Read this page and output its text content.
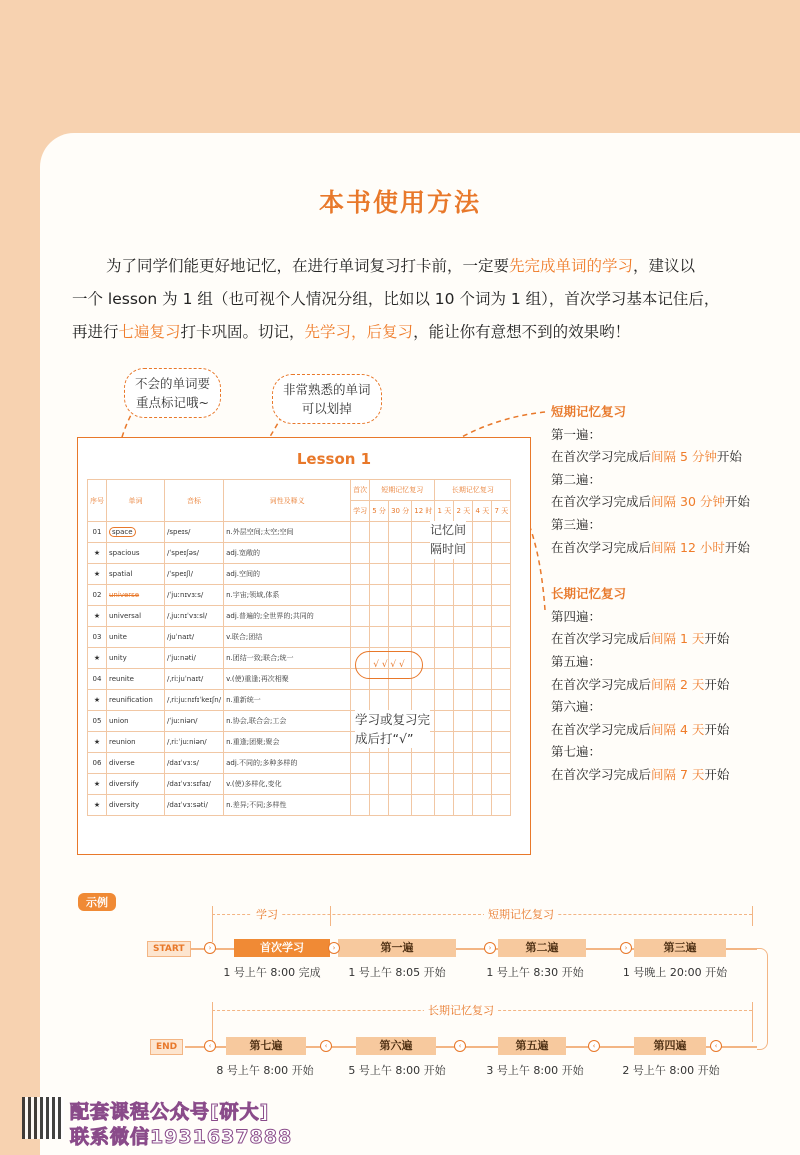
本书使用方法
为了同学们能更好地记忆，在进行单词复习打卡前，一定要先完成单词的学习，建议以
一个 lesson 为 1 组（也可视个人情况分组，比如以 10 个词为 1 组），首次学习基本记住后，
再进行七遍复习打卡巩固。切记，先学习，后复习，能让你有意想不到的效果哟！
不会的单词要
重点标记哦~
非常熟悉的单词
可以划掉
Lesson 1
序号	单词	音标	词性及释义	首次	短期记忆复习			长期记忆复习			
				学习	5 分	30 分	12 时	1 天	2 天	4 天	7 天
01	space	/speɪs/	n.外层空间;太空;空间								
★	spacious	/ˈspeɪʃəs/	adj.宽敞的								
★	spatial	/ˈspeɪʃl/	adj.空间的								
02	universe	/ˈjuːnɪvɜːs/	n.宇宙;领域,体系								
★	universal	/ˌjuːnɪˈvɜːsl/	adj.普遍的;全世界的;共同的								
03	unite	/juˈnaɪt/	v.联合;团结								
★	unity	/ˈjuːnəti/	n.团结一致;联合;统一								
04	reunite	/ˌriːjuˈnaɪt/	v.(使)重逢;再次相聚								
★	reunification	/ˌriːjuːnɪfɪˈkeɪʃn/	n.重新统一								
05	union	/ˈjuːniən/	n.协会,联合会;工会								
★	reunion	/ˌriːˈjuːniən/	n.重逢;团聚;聚会								
06	diverse	/daɪˈvɜːs/	adj.不同的;多种多样的								
★	diversify	/daɪˈvɜːsɪfaɪ/	v.(使)多样化,变化								
★	diversity	/daɪˈvɜːsəti/	n.差异;不同;多样性								
记忆间
隔时间
√ √ √ √
学习或复习完
成后打“√”
短期记忆复习
第一遍：
在首次学习完成后间隔 5 分钟开始
第二遍：
在首次学习完成后间隔 30 分钟开始
第三遍：
在首次学习完成后间隔 12 小时开始
长期记忆复习
第四遍：
在首次学习完成后间隔 1 天开始
第五遍：
在首次学习完成后间隔 2 天开始
第六遍：
在首次学习完成后间隔 4 天开始
第七遍：
在首次学习完成后间隔 7 天开始
示例
学习	短期记忆复习
长期记忆复习
START
END
首次学习	第一遍	第二遍	第三遍
1 号上午 8:00 完成	1 号上午 8:05 开始	1 号上午 8:30 开始	1 号晚上 20:00 开始
第七遍	第六遍	第五遍	第四遍
8 号上午 8:00 开始	5 号上午 8:00 开始	3 号上午 8:00 开始	2 号上午 8:00 开始
›	›	›	›
‹	‹	‹	‹	‹
配套课程公众号[研大]
联系微信1931637888
